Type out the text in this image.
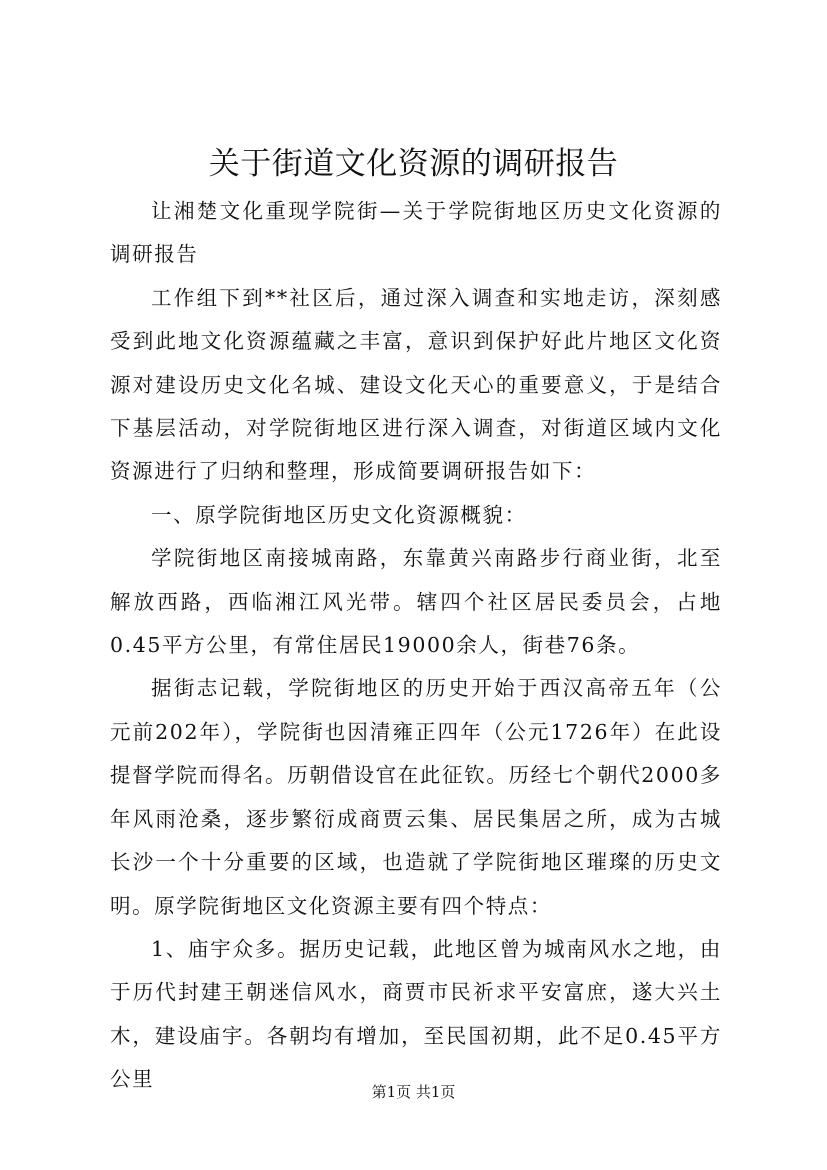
关于街道文化资源的调研报告

让湘楚文化重现学院街—关于学院街地区历史文化资源的调研报告

工作组下到**社区后，通过深入调查和实地走访，深刻感受到此地文化资源蕴藏之丰富，意识到保护好此片地区文化资源对建设历史文化名城、建设文化天心的重要意义，于是结合下基层活动，对学院街地区进行深入调查，对街道区域内文化资源进行了归纳和整理，形成简要调研报告如下：

一、原学院街地区历史文化资源概貌：

学院街地区南接城南路，东靠黄兴南路步行商业街，北至解放西路，西临湘江风光带。辖四个社区居民委员会，占地0.45平方公里，有常住居民19000余人，街巷76条。

据街志记载，学院街地区的历史开始于西汉高帝五年（公元前202年），学院街也因清雍正四年（公元1726年）在此设提督学院而得名。历朝借设官在此征钦。历经七个朝代2000多年风雨沧桑，逐步繁衍成商贾云集、居民集居之所，成为古城长沙一个十分重要的区域，也造就了学院街地区璀璨的历史文明。原学院街地区文化资源主要有四个特点：

1、庙宇众多。据历史记载，此地区曾为城南风水之地，由于历代封建王朝迷信风水，商贾市民祈求平安富庶，遂大兴土木，建设庙宇。各朝均有增加，至民国初期，此不足0.45平方公里

第1页 共1页
